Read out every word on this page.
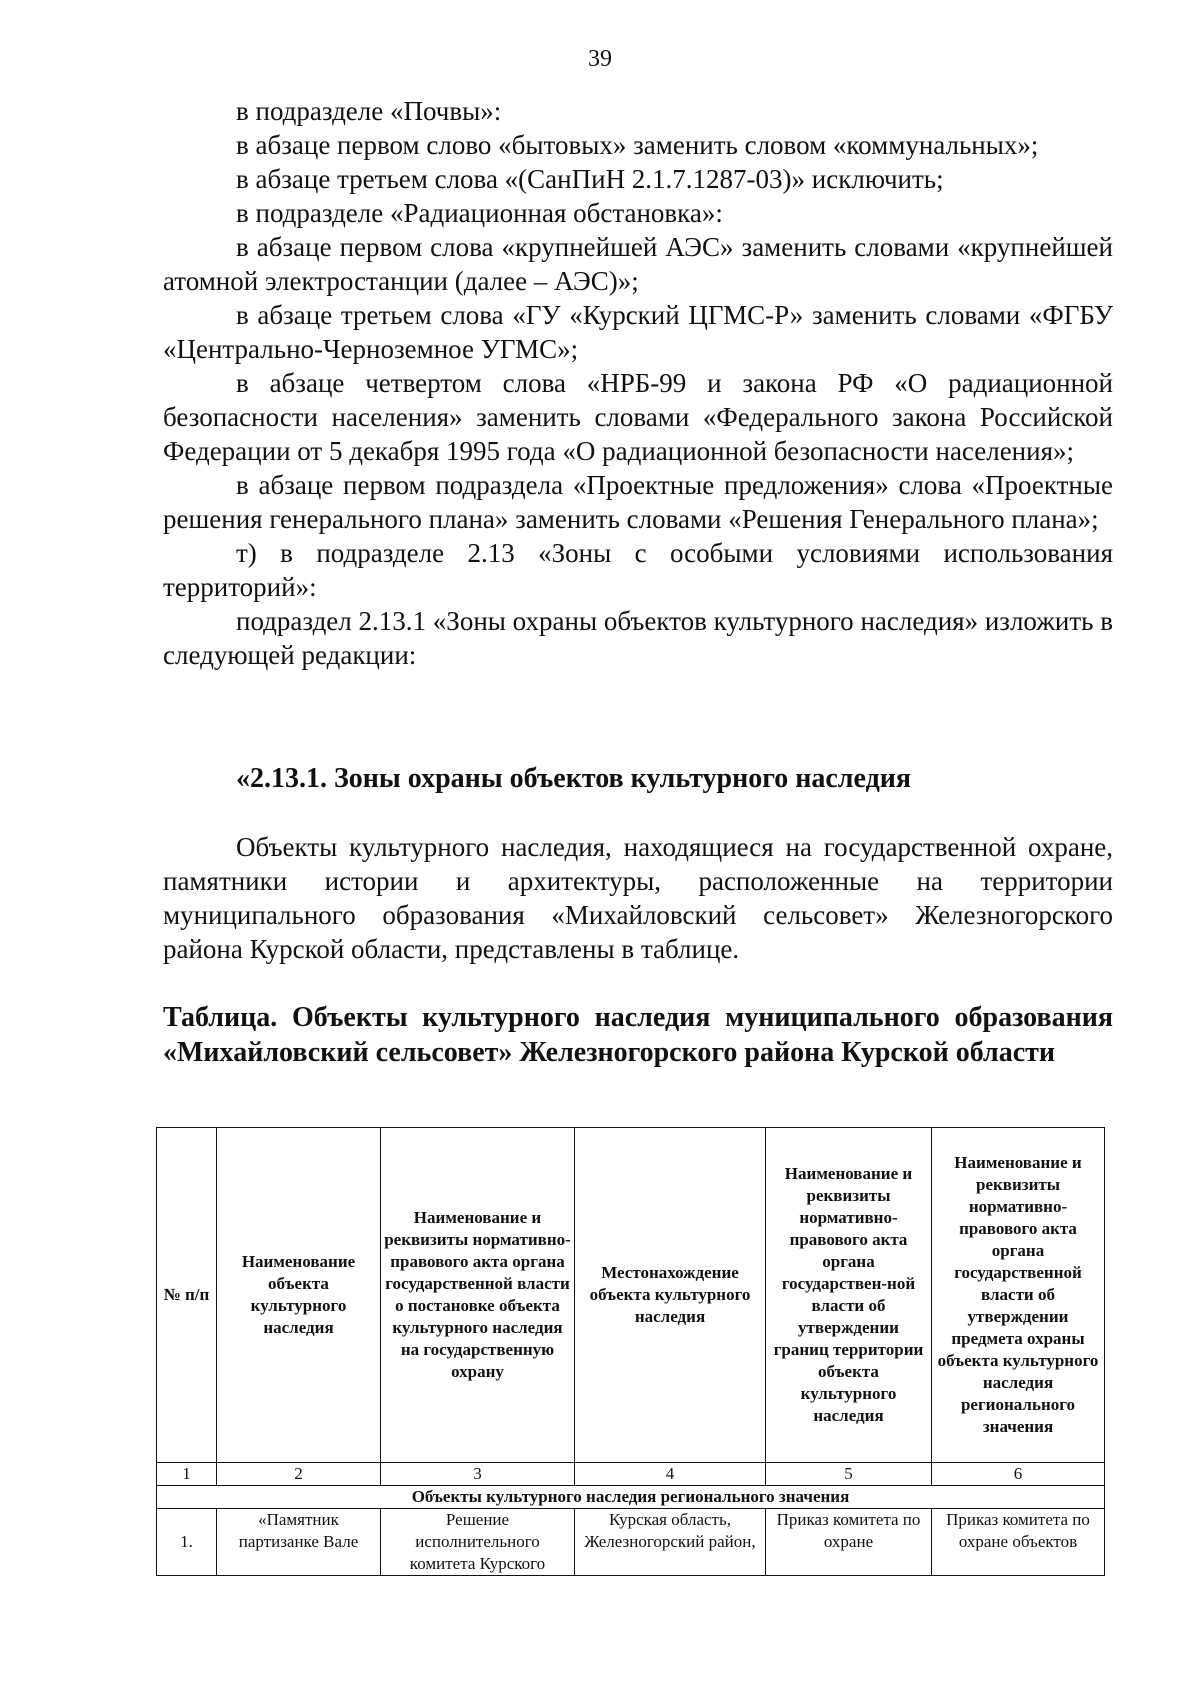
39

в подразделе «Почвы»:

в абзаце первом слово «бытовых» заменить словом «коммунальных»;

в абзаце третьем слова «(СанПиН 2.1.7.1287-03)» исключить;

в подразделе «Радиационная обстановка»:

в абзаце первом слова «крупнейшей АЭС» заменить словами «крупнейшей атомной электростанции (далее – АЭС)»;

в абзаце третьем слова «ГУ «Курский ЦГМС-Р» заменить словами «ФГБУ «Центрально-Черноземное УГМС»;

в абзаце четвертом слова «НРБ-99 и закона РФ «О радиационной безопасности населения» заменить словами «Федерального закона Российской Федерации от 5 декабря 1995 года «О радиационной безопасности населения»;

в абзаце первом подраздела «Проектные предложения» слова «Проектные решения генерального плана» заменить словами «Решения Генерального плана»;

т) в подразделе 2.13 «Зоны с особыми условиями использования территорий»:

подраздел 2.13.1 «Зоны охраны объектов культурного наследия» изложить в следующей редакции:

«2.13.1. Зоны охраны объектов культурного наследия

Объекты культурного наследия, находящиеся на государственной охране, памятники истории и архитектуры, расположенные на территории муниципального образования «Михайловский сельсовет» Железногорского района Курской области, представлены в таблице.

Таблица. Объекты культурного наследия муниципального образования «Михайловский сельсовет» Железногорского района Курской области
№ п/п	Наименование объекта культурного наследия	Наименование и реквизиты нормативно-правового акта органа государственной власти о постановке объекта культурного наследия на государственную охрану	Местонахождение объекта культурного наследия	Наименование и реквизиты нормативно-правового акта органа государствен-ной власти об утверждении границ территории объекта культурного наследия	Наименование и реквизиты нормативно-правового акта органа государственной власти об утверждении предмета охраны объекта культурного наследия регионального значения
1	2	3	4	5	6
Объекты культурного наследия регионального значения					
1.	«Памятник партизанке Вале	Решение исполнительного комитета Курского	Курская область, Железногорский район,	Приказ комитета по охране	Приказ комитета по охране объектов
